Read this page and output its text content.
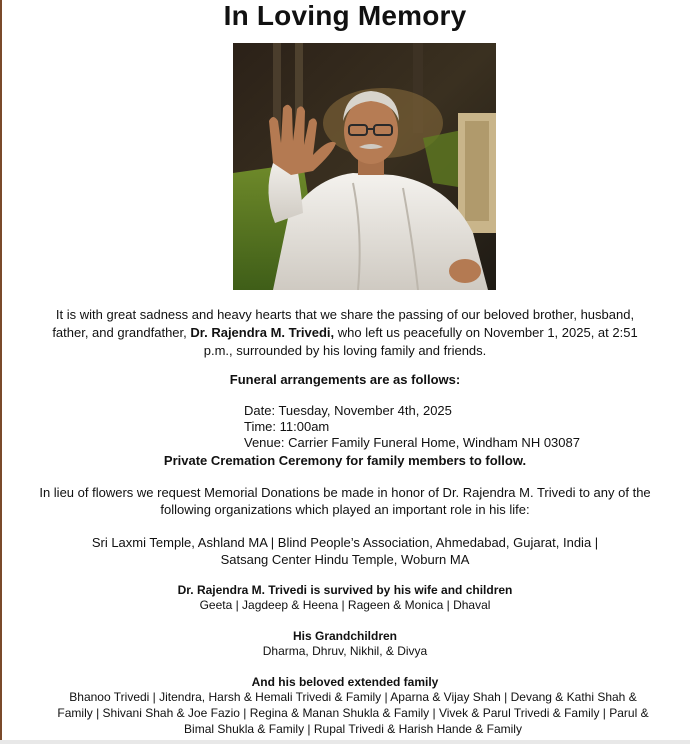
In Loving Memory

It is with great sadness and heavy hearts that we share the passing of our beloved brother, husband, father, and grandfather, Dr. Rajendra M. Trivedi, who left us peacefully on November 1, 2025, at 2:51 p.m., surrounded by his loving family and friends.

Funeral arrangements are as follows:

Date: Tuesday, November 4th, 2025
Time: 11:00am
Venue: Carrier Family Funeral Home, Windham NH 03087

Private Cremation Ceremony for family members to follow.

In lieu of flowers we request Memorial Donations be made in honor of Dr. Rajendra M. Trivedi to any of the following organizations which played an important role in his life:

Sri Laxmi Temple, Ashland MA | Blind People’s Association, Ahmedabad, Gujarat, India | Satsang Center Hindu Temple, Woburn MA

Dr. Rajendra M. Trivedi is survived by his wife and children

Geeta | Jagdeep & Heena | Rageen & Monica | Dhaval

His Grandchildren

Dharma, Dhruv, Nikhil, & Divya

And his beloved extended family

Bhanoo Trivedi | Jitendra, Harsh & Hemali Trivedi & Family | Aparna & Vijay Shah | Devang & Kathi Shah & Family | Shivani Shah & Joe Fazio | Regina & Manan Shukla & Family | Vivek & Parul Trivedi & Family | Parul & Bimal Shukla & Family | Rupal Trivedi & Harish Hande & Family
